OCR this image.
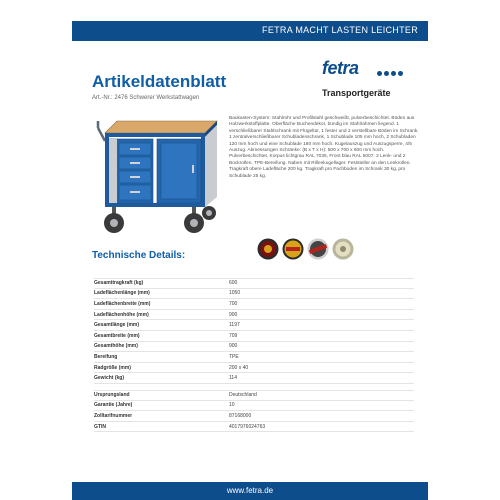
FETRA MACHT LASTEN LEICHTER
Artikeldatenblatt
Art.-Nr.: 2476 Schwerer Werkstattwagen
fetra
Transportgeräte
Baukasten-System: Stahlrohr und Profilstahl geschweißt, pulverbeschichtet. Böden aus Holzwerkstoffplatte. Oberfläche Buchendekor, bündig im Stahlrahmen liegend. 1 verschließbarer Stahlschrank mit Flügeltür, 1 fester und 2 verstellbare Böden im Schrank. 1 zentralverschließbarer Schubladenschrank, 1 Schublade 105 mm hoch, 2 Schubladen 120 mm hoch und eine Schublade 180 mm hoch. Kugelauszug und Auszugsperre, 4/5 Auszug. Abmessungen Schränke: (B x T x H): 500 x 700 x 600 mm hoch. Pulverbeschichtet, Korpus lichtgrau RAL 7035, Front blau RAL 5007. 2 Lenk- und 2 Bockrollen. TPE-Bereifung. Naben mit Rillenkugellager. Feststeller an den Lenkrollen. Tragkraft obere Ladefläche 200 kg. Tragkraft pro Fachboden im Schrank 30 kg, pro Schublade 25 kg.
Technische Details:
Gesamttragkraft (kg)	600
Ladeflächenlänge (mm)	1050
Ladeflächenbreite (mm)	700
Ladeflächenhöhe (mm)	900
Gesamtlänge (mm)	1197
Gesamtbreite (mm)	709
Gesamthöhe (mm)	900
Bereifung	TPE
Radgröße (mm)	200 x 40
Gewicht (kg)	114
Ursprungsland	Deutschland
Garantie (Jahre)	10
Zolltarifnummer	87168000
GTIN	4017976024763
www.fetra.de
